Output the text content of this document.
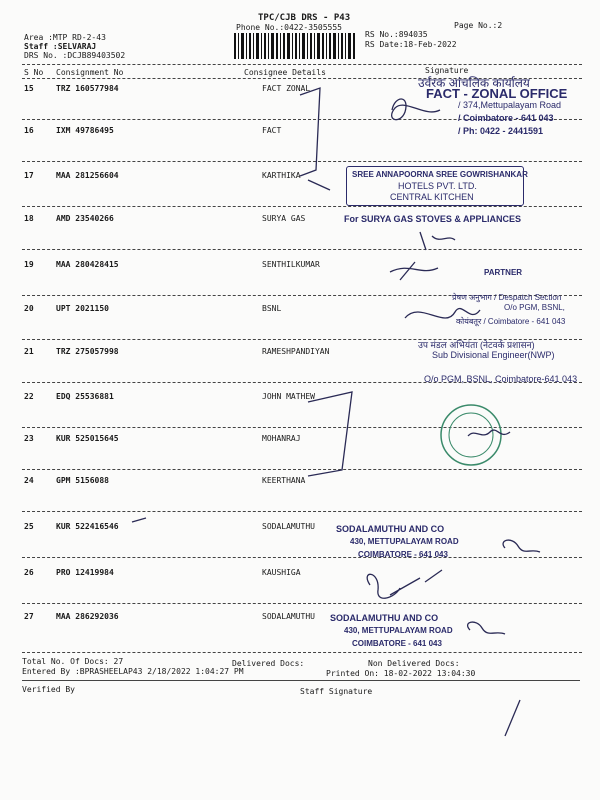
TPC/CJB DRS - P43
Phone No.:0422-3505555	Page No.:2
Area :MTP RD-2-43
Staff :SELVARAJ
DRS No. :DCJB89403502
RS No.:894035
RS Date:18-Feb-2022
S No Consignment No	Consignee Details	Signature
15	TRZ 160577984	FACT ZONAL
16	IXM 49786495	FACT
17	MAA 281256604	KARTHIKA
18	AMD 23540266	SURYA GAS
19	MAA 280428415	SENTHILKUMAR
20	UPT 2021150	BSNL
21	TRZ 275057998	RAMESHPANDIYAN
22	EDQ 25536881	JOHN MATHEW
23	KUR 525015645	MOHANRAJ
24	GPM 5156088	KEERTHANA
25	KUR 522416546	SODALAMUTHU
26	PRO 12419984	KAUSHIGA
27	MAA 286292036	SODALAMUTHU
उर्वरक आंचलिक कार्यालय
FACT - ZONAL OFFICE
/ 374,Mettupalayam Road
/ Coimbatore - 641 043
/ Ph: 0422 - 2441591
SREE ANNAPOORNA SREE GOWRISHANKAR
HOTELS PVT. LTD.
CENTRAL KITCHEN
For SURYA GAS STOVES & APPLIANCES
PARTNER
प्रेषण अनुभाग / Despatch Section
O/o PGM, BSNL,
कोयंबतूर / Coimbatore - 641 043
उप मंडल अभियंता (नेटवर्क प्रशासन)
Sub Divisional Engineer(NWP)
O/o PGM, BSNL, Coimbatore-641 043
SODALAMUTHU AND CO
430, METTUPALAYAM ROAD
COIMBATORE - 641 043
SODALAMUTHU AND CO
430, METTUPALAYAM ROAD
COIMBATORE - 641 043
Total No. Of Docs: 27	Delivered Docs:	Non Delivered Docs:
Entered By :BPRASHEELAP43 2/18/2022 1:04:27 PM	Printed On: 18-02-2022 13:04:30
Verified By	Staff Signature
